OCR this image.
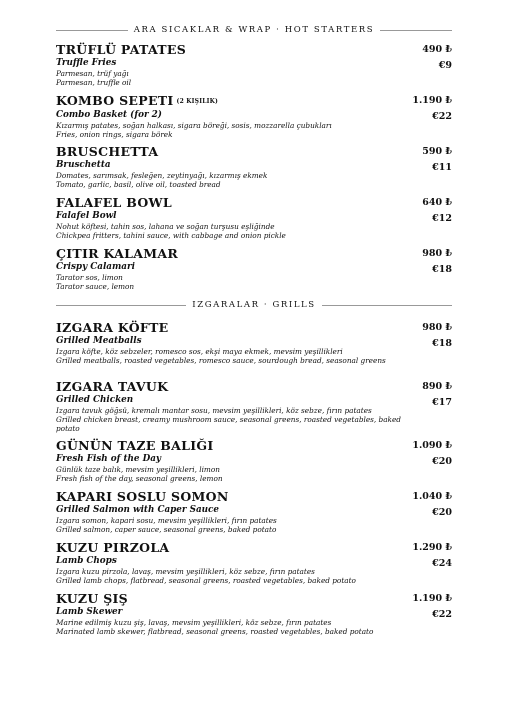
ARA SICAKLAR & WRAP · HOT STARTERS
TRÜFLÜ PATATES
Truffle Fries
Parmesan, trüf yağı
Parmesan, truffle oil
490 ₺
€9
KOMBO SEPETI (2 KIŞILIK)
Combo Basket (for 2)
Kızarmış patates, soğan halkası, sigara böreği, sosis, mozzarella çubukları
Fries, onion rings, sigara börek
1.190 ₺
€22
BRUSCHETTA
Bruschetta
Domates, sarımsak, fesleğen, zeytinyağı, kızarmış ekmek
Tomato, garlic, basil, olive oil, toasted bread
590 ₺
€11
FALAFEL BOWL
Falafel Bowl
Nohut köftesi, tahin sos, lahana ve soğan turşusu eşliğinde
Chickpea fritters, tahini sauce, with cabbage and onion pickle
640 ₺
€12
ÇITIR KALAMAR
Crispy Calamari
Tarator sos, limon
Tarator sauce, lemon
980 ₺
€18
IZGARALAR · GRILLS
IZGARA KÖFTE
Grilled Meatballs
Izgara köfte, köz sebzeler, romesco sos, ekşi maya ekmek, mevsim yeşillikleri
Grilled meatballs, roasted vegetables, romesco sauce, sourdough bread, seasonal greens
980 ₺
€18
IZGARA TAVUK
Grilled Chicken
Izgara tavuk göğsü, kremalı mantar sosu, mevsim yeşillikleri, köz sebze, fırın patates
Grilled chicken breast, creamy mushroom sauce, seasonal greens, roasted vegetables, baked potato
890 ₺
€17
GÜNÜN TAZE BALIĞI
Fresh Fish of the Day
Günlük taze balık, mevsim yeşillikleri, limon
Fresh fish of the day, seasonal greens, lemon
1.090 ₺
€20
KAPARI SOSLU SOMON
Grilled Salmon with Caper Sauce
Izgara somon, kapari sosu, mevsim yeşillikleri, fırın patates
Grilled salmon, caper sauce, seasonal greens, baked potato
1.040 ₺
€20
KUZU PIRZOLA
Lamb Chops
Izgara kuzu pirzola, lavaş, mevsim yeşillikleri, köz sebze, fırın patates
Grilled lamb chops, flatbread, seasonal greens, roasted vegetables, baked potato
1.290 ₺
€24
KUZU ŞIŞ
Lamb Skewer
Marine edilmiş kuzu şiş, lavaş, mevsim yeşillikleri, köz sebze, fırın patates
Marinated lamb skewer, flatbread, seasonal greens, roasted vegetables, baked potato
1.190 ₺
€22
